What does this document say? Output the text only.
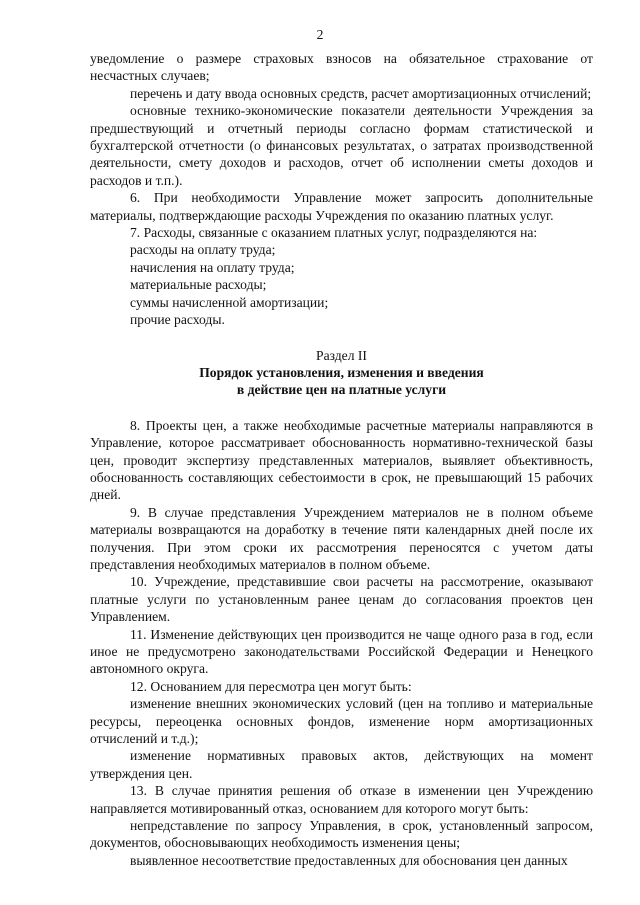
2

уведомление о размере страховых взносов на обязательное страхование от несчастных случаев;

перечень и дату ввода основных средств, расчет амортизационных отчислений;

основные технико-экономические показатели деятельности Учреждения за предшествующий и отчетный периоды согласно формам статистической и бухгалтерской отчетности (о финансовых результатах, о затратах производственной деятельности, смету доходов и расходов, отчет об исполнении сметы доходов и расходов и т.п.).

6. При необходимости Управление может запросить дополнительные материалы, подтверждающие расходы Учреждения по оказанию платных услуг.

7. Расходы, связанные с оказанием платных услуг, подразделяются на:

расходы на оплату труда;

начисления на оплату труда;

материальные расходы;

суммы начисленной амортизации;

прочие расходы.

Раздел II

Порядок установления, изменения и введения

в действие цен на платные услуги

8. Проекты цен, а также необходимые расчетные материалы направляются в Управление, которое рассматривает обоснованность нормативно-технической базы цен, проводит экспертизу представленных материалов, выявляет объективность, обоснованность составляющих себестоимости в срок, не превышающий 15 рабочих дней.

9. В случае представления Учреждением материалов не в полном объеме материалы возвращаются на доработку в течение пяти календарных дней после их получения. При этом сроки их рассмотрения переносятся с учетом даты представления необходимых материалов в полном объеме.

10. Учреждение, представившие свои расчеты на рассмотрение, оказывают платные услуги по установленным ранее ценам до согласования проектов цен Управлением.

11. Изменение действующих цен производится не чаще одного раза в год, если иное не предусмотрено законодательствами Российской Федерации и Ненецкого автономного округа.

12. Основанием для пересмотра цен могут быть:

изменение внешних экономических условий (цен на топливо и материальные ресурсы, переоценка основных фондов, изменение норм амортизационных отчислений и т.д.);

изменение нормативных правовых актов, действующих на момент утверждения цен.

13. В случае принятия решения об отказе в изменении цен Учреждению направляется мотивированный отказ, основанием для которого могут быть:

непредставление по запросу Управления, в срок, установленный запросом, документов, обосновывающих необходимость изменения цены;

выявленное несоответствие предоставленных для обоснования цен данных
